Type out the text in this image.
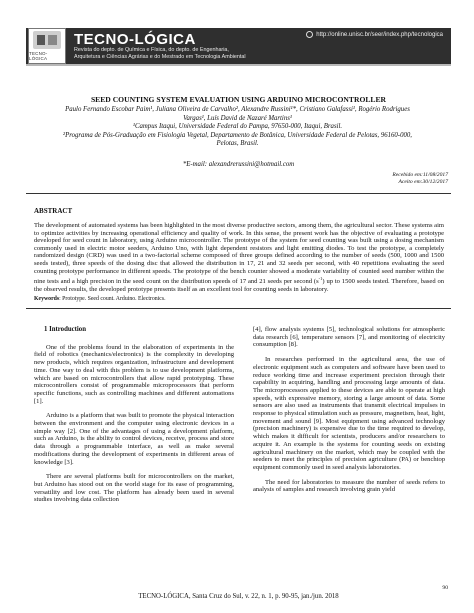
TECNO-LÓGICA
TECNO-LÓGICA
Revista do depto. de Química e Física, do depto. de Engenharia,
Arquitetura e Ciências Agrárias e do Mestrado em Tecnologia Ambiental
http://online.unisc.br/seer/index.php/tecnologica
SEED COUNTING SYSTEM EVALUATION USING ARDUINO MICROCONTROLLER
Paulo Fernando Escobar Paim¹, Juliana Oliveira de Carvalho², Alexandre Russini¹*, Cristiano Galafassi¹, Rogério Rodrigues
Vargas¹, Luís David de Nazaré Martins¹
¹Campus Itaqui, Universidade Federal do Pampa, 97650-000, Itaqui, Brasil.
²Programa de Pós-Graduação em Fisiologia Vegetal, Departamento de Botânica, Universidade Federal de Pelotas, 96160-000,
Pelotas, Brasil.
*E-mail: alexandrerussini@hotmail.com
Recebido em:11/08/2017
Aceito em:30/12/2017
ABSTRACT
The development of automated systems has been highlighted in the most diverse productive sectors, among them, the agricultural sector. These systems aim to optimize activities by increasing operational efficiency and quality of work. In this sense, the present work has the objective of evaluating a prototype developed for seed count in laboratory, using Arduino microcontroller. The prototype of the system for seed counting was built using a dosing mechanism commonly used in electric motor seeders, Arduino Uno, with light dependent resistors and light emitting diodes. To test the prototype, a completely randomized design (CRD) was used in a two-factorial scheme composed of three groups defined according to the number of seeds (500, 1000 and 1500 seeds tested), three speeds of the dosing disc that allowed the distribution in 17, 21 and 32 seeds per second, with 40 repetitions evaluating the seed counting prototype performance in different speeds. The prototype of the bench counter showed a moderate variability of counted seed number within the nine tests and a high precision in the seed count on the distribution speeds of 17 and 21 seeds per second $(s^{-1})$ up to 1500 seeds tested. Therefore, based on the observed results, the developed prototype presents itself as an excellent tool for counting seeds in laboratory.
Keywords: Prototype. Seed count. Arduino. Electronics.
1 Introduction

One of the problems found in the elaboration of experiments in the field of robotics (mechanics/electronics) is the complexity in developing new products, which requires organization, infrastructure and development time. One way to deal with this problem is to use development platforms, which are based on microcontrollers that allow rapid prototyping. These microcontrollers consist of programmable microprocessors that perform specific functions, such as controlling machines and different automations [1].

Arduino is a platform that was built to promote the physical interaction between the environment and the computer using electronic devices in a simple way [2]. One of the advantages of using a development platform, such as Arduino, is the ability to control devices, receive, process and store data through a programmable interface, as well as make several modifications during the development of experiments in different areas of knowledge [3].

There are several platforms built for microcontrollers on the market, but Arduino has stood out on the world stage for its ease of programming, versatility and low cost. The platform has already been used in several studies involving data collection

[4], flow analysis systems [5], technological solutions for atmospheric data research [6], temperature sensors [7], and monitoring of electricity consumption [8].

In researches performed in the agricultural area, the use of electronic equipment such as computers and software have been used to reduce working time and increase experiment precision through their capability in acquiring, handling and processing large amounts of data. The microprocessors applied to these devices are able to operate at high speeds, with expressive memory, storing a large amount of data. Some sensors are also used as instruments that transmit electrical impulses in response to physical stimulation such as pressure, magnetism, heat, light, movement and sound [9]. Most equipment using advanced technology (precision machinery) is expensive due to the time required to develop, which makes it difficult for scientists, producers and/or researchers to acquire it. An example is the systems for counting seeds on existing agricultural machinery on the market, which may be coupled with the seeders to meet the principles of precision agriculture (PA) or benchtop equipment commonly used in seed analysis laboratories.

The need for laboratories to measure the number of seeds refers to analysis of samples and research involving grain yield

90
TECNO-LÓGICA, Santa Cruz do Sul, v. 22, n. 1, p. 90-95, jan./jun. 2018
